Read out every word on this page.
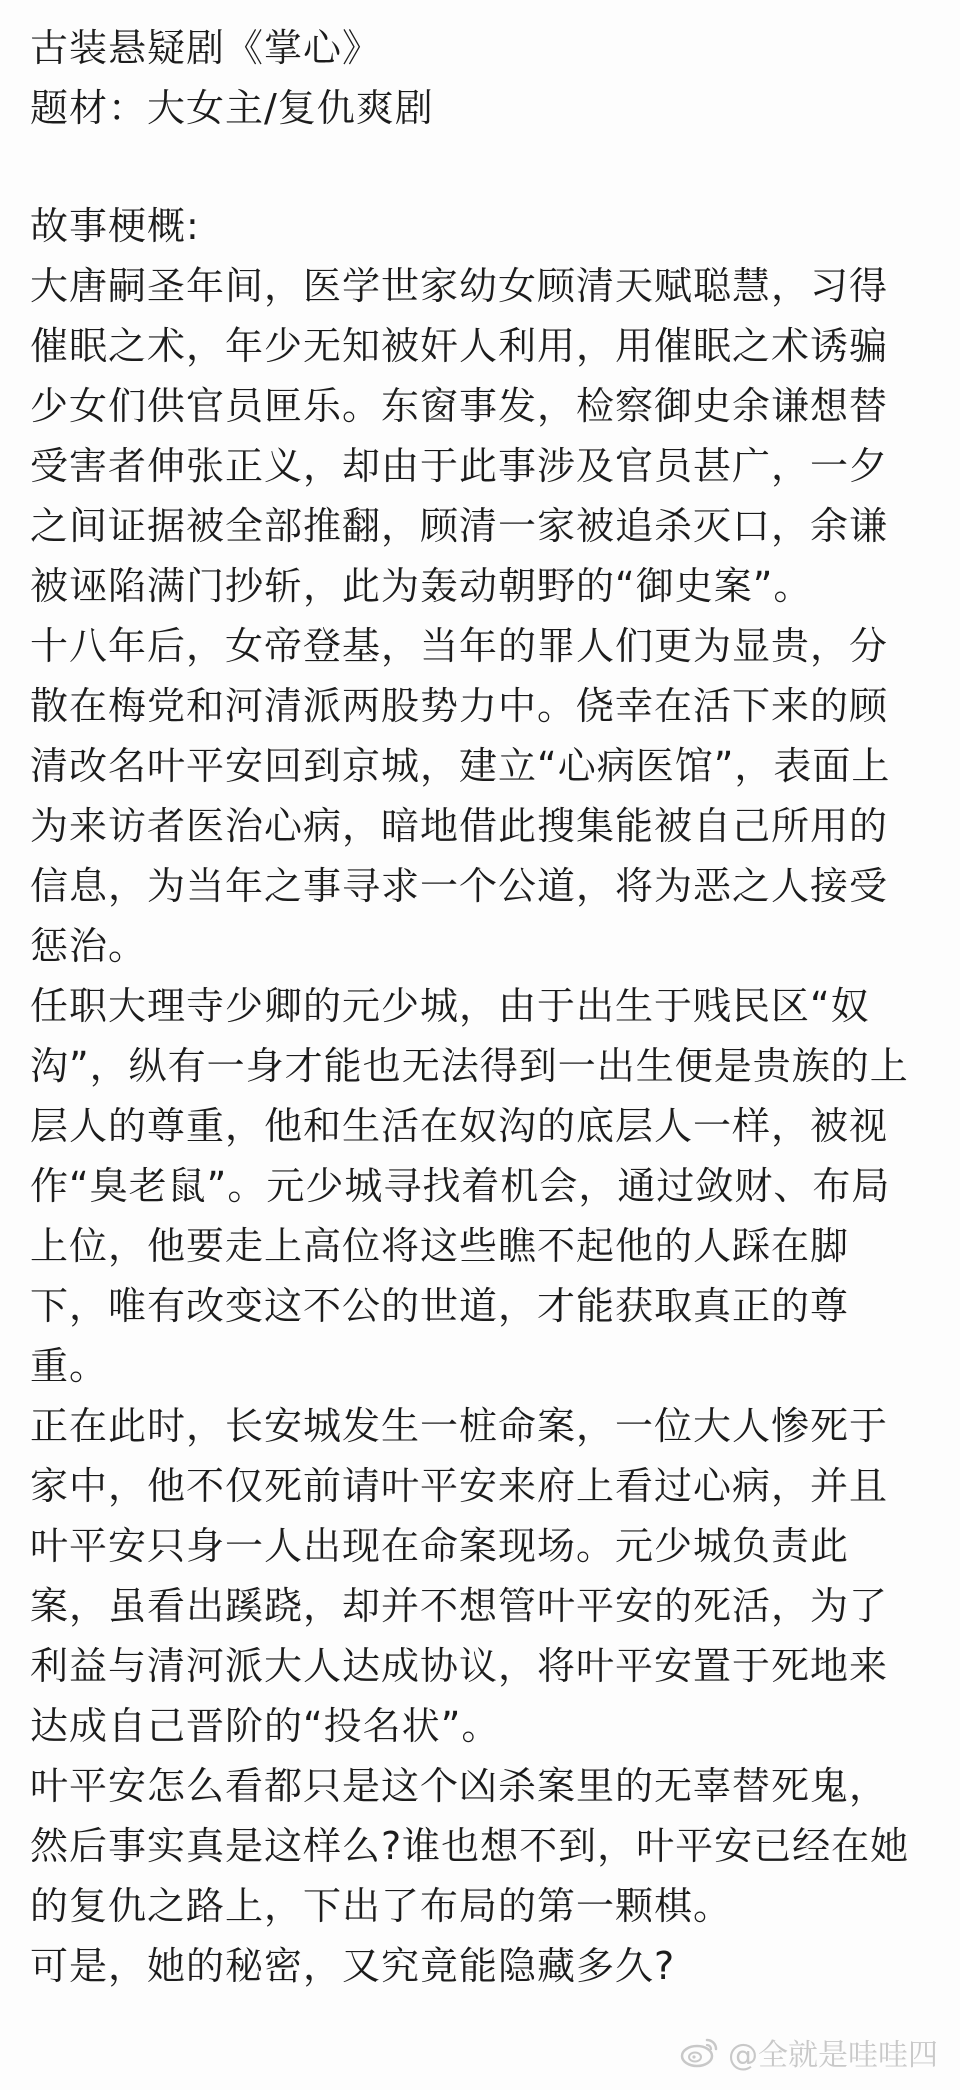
古装悬疑剧《掌心》
题材：大女主/复仇爽剧
故事梗概:
大唐嗣圣年间，医学世家幼女顾清天赋聪慧，习得
催眠之术，年少无知被奸人利用，用催眠之术诱骗
少女们供官员匣乐。东窗事发，检察御史余谦想替
受害者伸张正义，却由于此事涉及官员甚广，一夕
之间证据被全部推翻，顾清一家被追杀灭口，余谦
被诬陷满门抄斩，此为轰动朝野的“御史案”。
十八年后，女帝登基，当年的罪人们更为显贵，分
散在梅党和河清派两股势力中。侥幸在活下来的顾
清改名叶平安回到京城，建立“心病医馆”，表面上
为来访者医治心病，暗地借此搜集能被自己所用的
信息，为当年之事寻求一个公道，将为恶之人接受
惩治。
任职大理寺少卿的元少城，由于出生于贱民区“奴
沟”，纵有一身才能也无法得到一出生便是贵族的上
层人的尊重，他和生活在奴沟的底层人一样，被视
作“臭老鼠”。元少城寻找着机会，通过敛财、布局
上位，他要走上高位将这些瞧不起他的人踩在脚
下，唯有改变这不公的世道，才能获取真正的尊
重。
正在此时，长安城发生一桩命案，一位大人惨死于
家中，他不仅死前请叶平安来府上看过心病，并且
叶平安只身一人出现在命案现场。元少城负责此
案，虽看出蹊跷，却并不想管叶平安的死活，为了
利益与清河派大人达成协议，将叶平安置于死地来
达成自己晋阶的“投名状”。
叶平安怎么看都只是这个凶杀案里的无辜替死鬼，
然后事实真是这样么?谁也想不到，叶平安已经在她
的复仇之路上，下出了布局的第一颗棋。
可是，她的秘密，又究竟能隐藏多久?
@全就是哇哇四
